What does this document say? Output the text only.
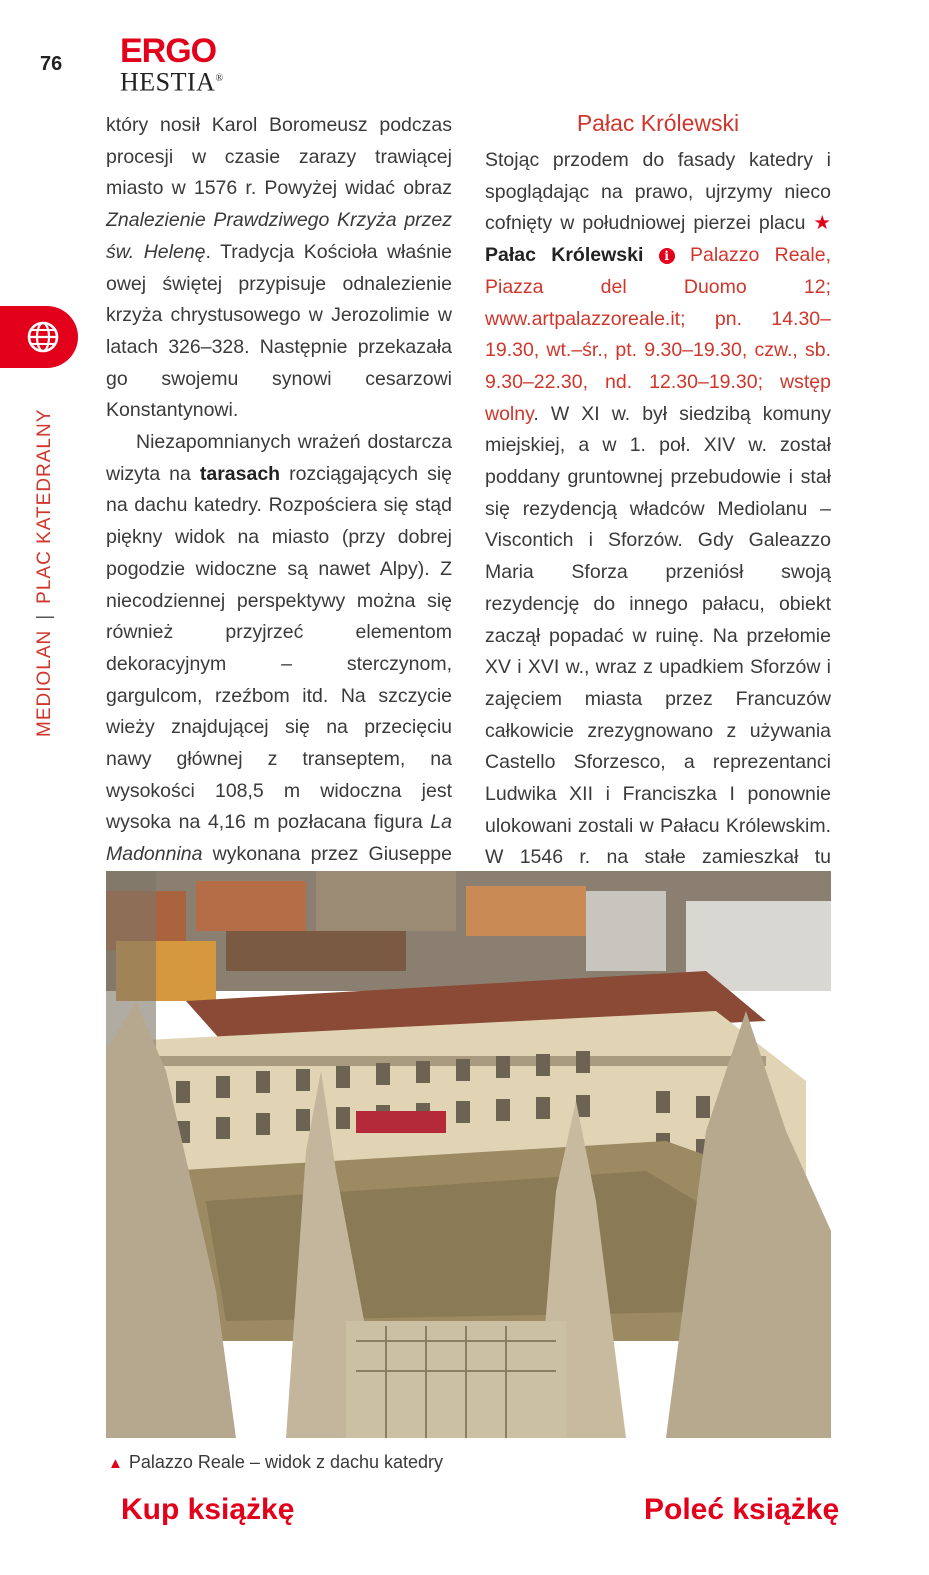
76 ERGO
HESTIA®
MEDIOLAN|PLAC KATEDRALNY

który nosił Karol Boromeusz podczas procesji w czasie zarazy trawiącej miasto w 1576 r. Powyżej widać obraz Znalezienie Prawdziwego Krzyża przez św. Helenę. Tradycja Kościoła właśnie owej świętej przypisuje odnalezienie krzyża chrystusowego w Jerozolimie w latach 326–328. Następnie przekazała go swojemu synowi cesarzowi Konstantynowi.

Niezapomnianych wrażeń dostarcza wizyta na tarasach rozciągających się na dachu katedry. Rozpościera się stąd piękny widok na miasto (przy dobrej pogodzie widoczne są nawet Alpy). Z niecodziennej perspektywy można się również przyjrzeć elementom dekoracyjnym – sterczynom, gargulcom, rzeźbom itd. Na szczycie wieży znajdującej się na przecięciu nawy głównej z transeptem, na wysokości 108,5 m widoczna jest wysoka na 4,16 m pozłacana figura La Madonnina wykonana przez Giuseppe

Pałac Królewski

Stojąc przodem do fasady katedry i spoglądając na prawo, ujrzymy nieco cofnięty w południowej pierzei placu ★ Pałac Królewski i Palazzo Reale, Piazza del Duomo 12; www.artpalazzoreale.it; pn. 14.30–19.30, wt.–śr., pt. 9.30–19.30, czw., sb. 9.30–22.30, nd. 12.30–19.30; wstęp wolny. W XI w. był siedzibą komuny miejskiej, a w 1. poł. XIV w. został poddany gruntownej przebudowie i stał się rezydencją władców Mediolanu – Viscontich i Sforzów. Gdy Galeazzo Maria Sforza przeniósł swoją rezydencję do innego pałacu, obiekt zaczął popadać w ruinę. Na przełomie XV i XVI w., wraz z upadkiem Sforzów i zajęciem miasta przez Francuzów całkowicie zrezygnowano z używania Castello Sforzesco, a reprezentanci Ludwika XII i Franciszka I ponownie ulokowani zostali w Pałacu Królewskim. W 1546 r. na stałe zamieszkał tu

▲ Palazzo Reale – widok z dachu katedry
Kup książkę	Poleć książkę
